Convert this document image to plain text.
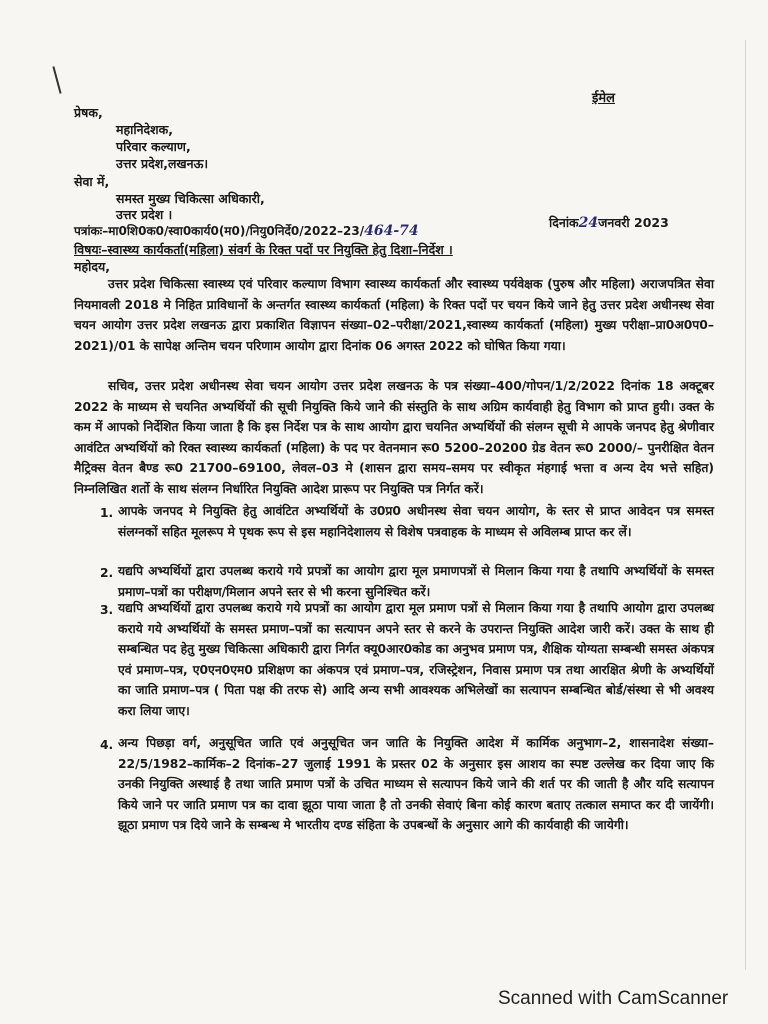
ईमेल
प्रेषक,
महानिदेशक,
परिवार कल्याण,
उत्तर प्रदेश,लखनऊ।
सेवा में,
समस्त मुख्य चिकित्सा अधिकारी,
उत्तर प्रदेश ।
पत्रांकः–मा0शि0क0/स्वा0कार्य0(म0)/नियु0निर्दे0/2022–23/464-74
दिनांक24जनवरी 2023
विषयः–स्वास्थ्य कार्यकर्ता(महिला) संवर्ग के रिक्त पदों पर नियुक्ति हेतु दिशा–निर्देश ।
महोदय,
उत्तर प्रदेश चिकित्सा स्वास्थ्य एवं परिवार कल्याण विभाग स्वास्थ्य कार्यकर्ता और स्वास्थ्य पर्यवेक्षक (पुरुष और महिला) अराजपत्रित सेवा नियमावली 2018 मे निहित प्राविधानों के अन्तर्गत स्वास्थ्य कार्यकर्ता (महिला) के रिक्त पदों पर चयन किये जाने हेतु उत्तर प्रदेश अधीनस्थ सेवा चयन आयोग उत्तर प्रदेश लखनऊ द्वारा प्रकाशित विज्ञापन संख्या–02–परीक्षा/2021,स्वास्थ्य कार्यकर्ता (महिला) मुख्य परीक्षा–प्रा0अ0प0–2021)/01 के सापेक्ष अन्तिम चयन परिणाम आयोग द्वारा दिनांक 06 अगस्त 2022 को घोषित किया गया।
सचिव, उत्तर प्रदेश अधीनस्थ सेवा चयन आयोग उत्तर प्रदेश लखनऊ के पत्र संख्या–400/गोपन/1/2/2022 दिनांक 18 अक्टूबर 2022 के माध्यम से चयनित अभ्यर्थियों की सूची नियुक्ति किये जाने की संस्तुति के साथ अग्रिम कार्यवाही हेतु विभाग को प्राप्त हुयी। उक्त के कम में आपको निर्देशित किया जाता है कि इस निर्देश पत्र के साथ आयोग द्वारा चयनित अभ्यर्थियों की संलग्न सूची मे आपके जनपद हेतु श्रेणीवार आवंटित अभ्यर्थियों को रिक्त स्वास्थ्य कार्यकर्ता (महिला) के पद पर वेतनमान रू0 5200–20200 ग्रेड वेतन रू0 2000/– पुनरीक्षित वेतन मैट्रिक्स वेतन बैण्ड रू0 21700–69100, लेवल–03 मे (शासन द्वारा समय–समय पर स्वीकृत मंहगाई भत्ता व अन्य देय भत्ते सहित) निम्नलिखित शर्तो के साथ संलग्न निर्धारित नियुक्ति आदेश प्रारूप पर नियुक्ति पत्र निर्गत करें।
1. आपके जनपद मे नियुक्ति हेतु आवंटित अभ्यर्थियों के उ0प्र0 अधीनस्थ सेवा चयन आयोग, के स्तर से प्राप्त आवेदन पत्र समस्त संलग्नकों सहित मूलरूप मे पृथक रूप से इस महानिदेशालय से विशेष पत्रवाहक के माध्यम से अविलम्ब प्राप्त कर लें।
2. यद्यपि अभ्यर्थियों द्वारा उपलब्ध कराये गये प्रपत्रों का आयोग द्वारा मूल प्रमाणपत्रों से मिलान किया गया है तथापि अभ्यर्थियों के समस्त प्रमाण–पत्रों का परीक्षण/मिलान अपने स्तर से भी करना सुनिश्चित करें।
3. यद्यपि अभ्यर्थियों द्वारा उपलब्ध कराये गये प्रपत्रों का आयोग द्वारा मूल प्रमाण पत्रों से मिलान किया गया है तथापि आयोग द्वारा उपलब्ध कराये गये अभ्यर्थियों के समस्त प्रमाण–पत्रों का सत्यापन अपने स्तर से करने के उपरान्त नियुक्ति आदेश जारी करें। उक्त के साथ ही सम्बन्धित पद हेतु मुख्य चिकित्सा अधिकारी द्वारा निर्गत क्यू0आर0कोड का अनुभव प्रमाण पत्र, शैक्षिक योग्यता सम्बन्धी समस्त अंकपत्र एवं प्रमाण–पत्र, ए0एन0एम0 प्रशिक्षण का अंकपत्र एवं प्रमाण–पत्र, रजिस्ट्रेशन, निवास प्रमाण पत्र तथा आरक्षित श्रेणी के अभ्यर्थियों का जाति प्रमाण–पत्र ( पिता पक्ष की तरफ से) आदि अन्य सभी आवश्यक अभिलेखों का सत्यापन सम्बन्धित बोर्ड/संस्था से भी अवश्य करा लिया जाए।
4. अन्य पिछड़ा वर्ग, अनुसूचित जाति एवं अनुसूचित जन जाति के नियुक्ति आदेश में कार्मिक अनुभाग–2, शासनादेश संख्या–22/5/1982–कार्मिक–2 दिनांक–27 जुलाई 1991 के प्रस्तर 02 के अनुसार इस आशय का स्पष्ट उल्लेख कर दिया जाए कि उनकी नियुक्ति अस्थाई है तथा जाति प्रमाण पत्रों के उचित माध्यम से सत्यापन किये जाने की शर्त पर की जाती है और यदि सत्यापन किये जाने पर जाति प्रमाण पत्र का दावा झूठा पाया जाता है तो उनकी सेवाएं बिना कोई कारण बताए तत्काल समाप्त कर दी जायेंगी। झूठा प्रमाण पत्र दिये जाने के सम्बन्ध मे भारतीय दण्ड संहिता के उपबन्धों के अनुसार आगे की कार्यवाही की जायेगी।
Scanned with CamScanner
